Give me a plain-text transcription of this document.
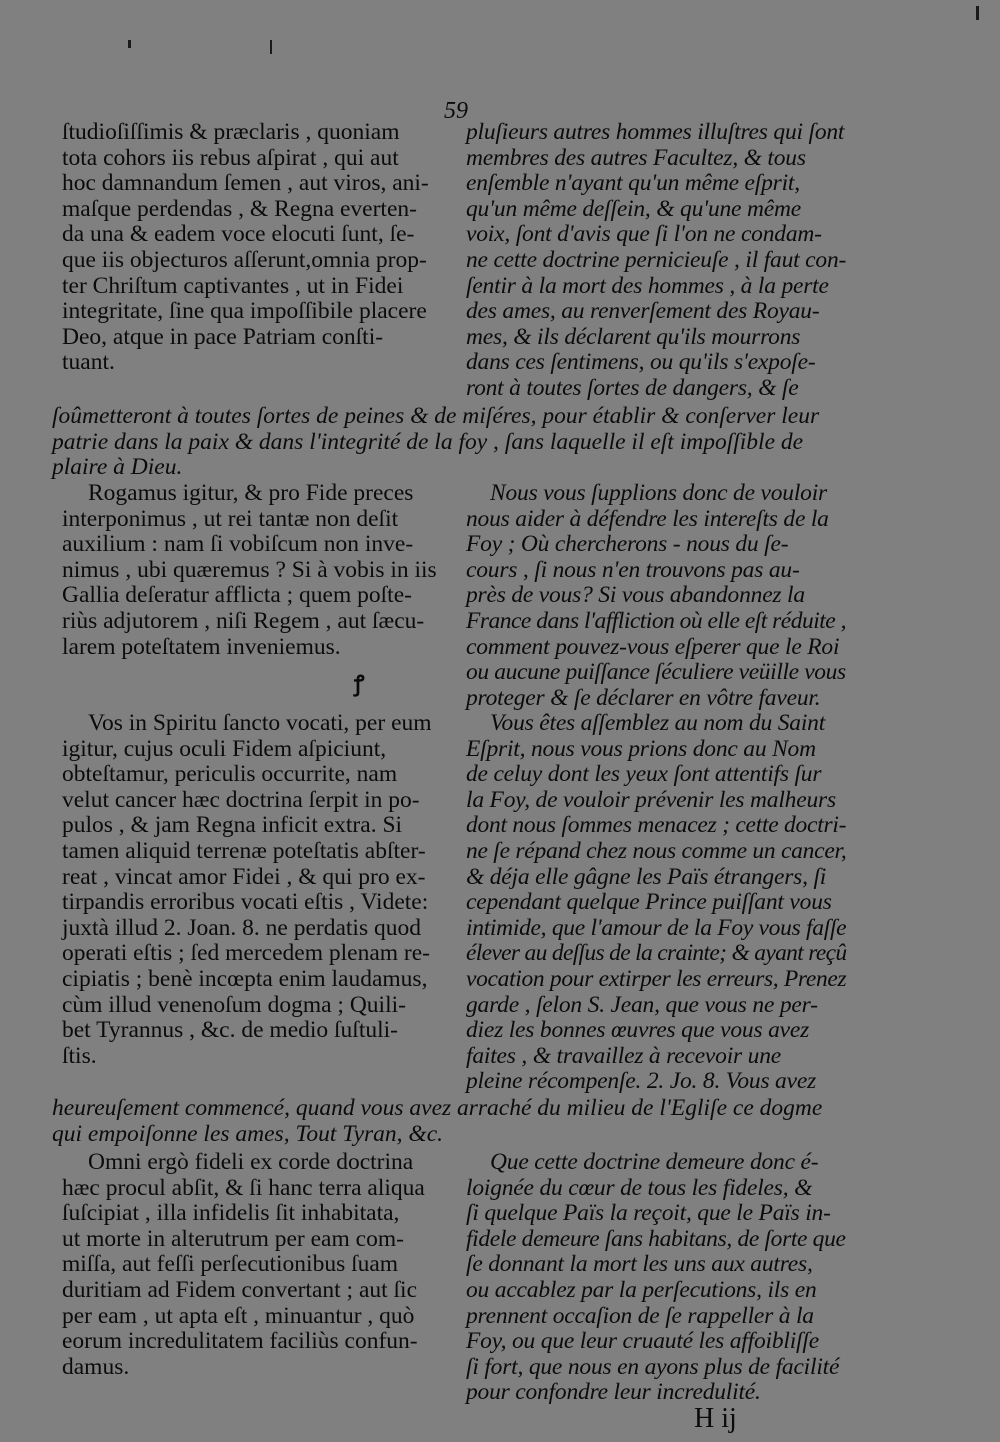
59
ſtudioſiſſimis & præclaris , quoniam
tota cohors iis rebus aſpirat , qui aut
hoc damnandum ſemen , aut viros, ani-
maſque perdendas , & Regna everten-
da una & eadem voce elocuti ſunt, ſe-
que iis objecturos aſſerunt,omnia prop-
ter Chriſtum captivantes , ut in Fidei
integritate, ſine qua impoſſibile placere
Deo, atque in pace Patriam conſti-
tuant.
pluſieurs autres hommes illuſtres qui ſont
membres des autres Facultez, & tous
enſemble n'ayant qu'un même eſprit,
qu'un même deſſein, & qu'une même
voix, ſont d'avis que ſi l'on ne condam-
ne cette doctrine pernicieuſe , il faut con-
ſentir à la mort des hommes , à la perte
des ames, au renverſement des Royau-
mes, & ils déclarent qu'ils mourrons
dans ces ſentimens, ou qu'ils s'expoſe-
ront à toutes ſortes de dangers, & ſe
ſoûmetteront à toutes ſortes de peines & de miſéres, pour établir & conſerver leur
patrie dans la paix & dans l'integrité de la foy , ſans laquelle il eſt impoſſible de
plaire à Dieu.
Rogamus igitur, & pro Fide preces
interponimus , ut rei tantæ non deſit
auxilium : nam ſi vobiſcum non inve-
nimus , ubi quæremus ? Si à vobis in iis
Gallia deſeratur afflicta ; quem poſte-
riùs adjutorem , niſi Regem , aut ſæcu-
larem poteſtatem inveniemus.
Nous vous ſupplions donc de vouloir
nous aider à défendre les intereſts de la
Foy ; Où chercherons - nous du ſe-
cours , ſi nous n'en trouvons pas au-
près de vous? Si vous abandonnez la
France dans l'affliction où elle eſt réduite ,
comment pouvez-vous eſperer que le Roi
ou aucune puiſſance ſéculiere veüille vous
proteger & ſe déclarer en vôtre faveur.
ꝭ
Vos in Spiritu ſancto vocati, per eum
igitur, cujus oculi Fidem aſpiciunt,
obteſtamur, periculis occurrite, nam
velut cancer hæc doctrina ſerpit in po-
pulos , & jam Regna inficit extra. Si
tamen aliquid terrenæ poteſtatis abſter-
reat , vincat amor Fidei , & qui pro ex-
tirpandis erroribus vocati eſtis , Videte:
juxtà illud 2. Joan. 8. ne perdatis quod
operati eſtis ; ſed mercedem plenam re-
cipiatis ; benè incœpta enim laudamus,
cùm illud venenoſum dogma ; Quili-
bet Tyrannus , &c. de medio ſuſtuli-
ſtis.
Vous êtes aſſemblez au nom du Saint
Eſprit, nous vous prions donc au Nom
de celuy dont les yeux ſont attentifs ſur
la Foy, de vouloir prévenir les malheurs
dont nous ſommes menacez ; cette doctri-
ne ſe répand chez nous comme un cancer,
& déja elle gâgne les Païs étrangers, ſi
cependant quelque Prince puiſſant vous
intimide, que l'amour de la Foy vous faſſe
élever au deſſus de la crainte; & ayant reçû
vocation pour extirper les erreurs, Prenez
garde , ſelon S. Jean, que vous ne per-
diez les bonnes œuvres que vous avez
faites , & travaillez à recevoir une
pleine récompenſe. 2. Jo. 8. Vous avez
heureuſement commencé, quand vous avez arraché du milieu de l'Egliſe ce dogme
qui empoiſonne les ames, Tout Tyran, &c.
Omni ergò fideli ex corde doctrina
hæc procul abſit, & ſi hanc terra aliqua
ſuſcipiat , illa infidelis ſit inhabitata,
ut morte in alterutrum per eam com-
miſſa, aut feſſi perſecutionibus ſuam
duritiam ad Fidem convertant ; aut ſic
per eam , ut apta eſt , minuantur , quò
eorum incredulitatem faciliùs confun-
damus.
Que cette doctrine demeure donc é-
loignée du cœur de tous les fideles, &
ſi quelque Païs la reçoit, que le Païs in-
fidele demeure ſans habitans, de ſorte que
ſe donnant la mort les uns aux autres,
ou accablez par la perſecutions, ils en
prennent occaſion de ſe rappeller à la
Foy, ou que leur cruauté les affoibliſſe
ſi fort, que nous en ayons plus de facilité
pour confondre leur incredulité.
H ij
